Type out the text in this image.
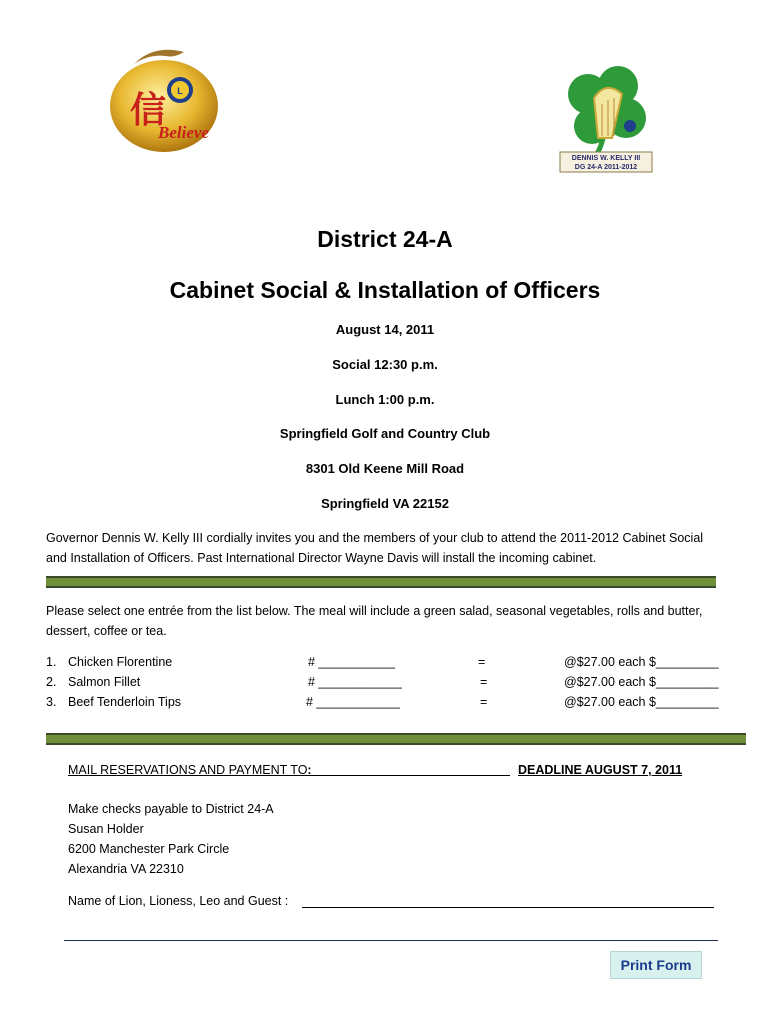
L
信
Believe
DENNIS W. KELLY III
DG 24-A 2011-2012
District 24-A
Cabinet Social & Installation of Officers
August 14, 2011
Social 12:30 p.m.
Lunch 1:00 p.m.
Springfield Golf and Country Club
8301 Old Keene Mill Road
Springfield VA 22152
Governor Dennis W. Kelly III cordially invites you and the members of your club to attend the 2011-2012 Cabinet Social and Installation of Officers. Past International Director Wayne Davis will install the incoming cabinet.
Please select one entrée from the list below. The meal will include a green salad, seasonal vegetables, rolls and butter, dessert, coffee or tea.
1. Chicken Florentine	# ___________	=	@$27.00 each $_________
2. Salmon Fillet	# ____________	=	@$27.00 each $_________
3. Beef Tenderloin Tips	# ____________	=	@$27.00 each $_________
MAIL RESERVATIONS AND PAYMENT TO:	DEADLINE AUGUST 7, 2011
Make checks payable to District 24-A
Susan Holder
6200 Manchester Park Circle
Alexandria VA 22310
Name of Lion, Lioness, Leo and Guest :
Print Form
